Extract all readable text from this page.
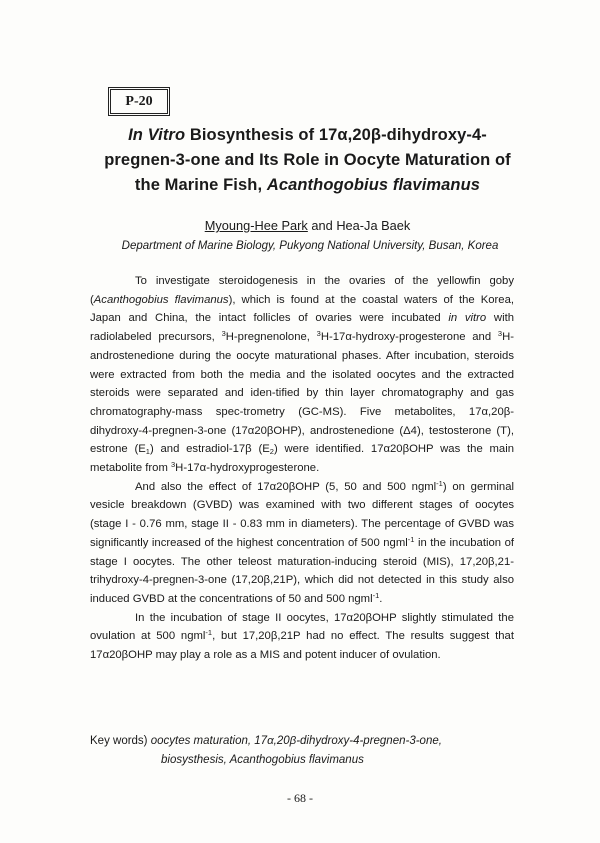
P-20
In Vitro Biosynthesis of 17α,20β-dihydroxy-4-
pregnen-3-one and Its Role in Oocyte Maturation of
the Marine Fish, Acanthogobius flavimanus
Myoung-Hee Park and Hea-Ja Baek
Department of Marine Biology, Pukyong National University, Busan, Korea

To investigate steroidogenesis in the ovaries of the yellowfin goby (Acanthogobius flavimanus), which is found at the coastal waters of the Korea, Japan and China, the intact follicles of ovaries were incubated in vitro with radiolabeled precursors, $^3$H-pregnenolone, $^3$H-17α-hydroxy-progesterone and $^3$H-androstenedione during the oocyte maturational phases. After incubation, steroids were extracted from both the media and the isolated oocytes and the extracted steroids were separated and iden-tified by thin layer chromatography and gas chromatography-mass spec-trometry (GC-MS). Five metabolites, 17α,20β-dihydroxy-4-pregnen-3-one (17α20βOHP), androstenedione (Δ4), testosterone (T), estrone $(E_1)$ and estradiol-17β $(E_2)$ were identified. 17α20βOHP was the main metabolite from $^3$H-17α-hydroxyprogesterone.

And also the effect of 17α20βOHP (5, 50 and 500 ngml$^{-1}$) on germinal vesicle breakdown (GVBD) was examined with two different stages of oocytes (stage I - 0.76 mm, stage II - 0.83 mm in diameters). The percentage of GVBD was significantly increased of the highest concentration of 500 ngml$^{-1}$ in the incubation of stage I oocytes. The other teleost maturation-inducing steroid (MIS), 17,20β,21-trihydroxy-4-pregnen-3-one (17,20β,21P), which did not detected in this study also induced GVBD at the concentrations of 50 and 500 ngml$^{-1}$.

In the incubation of stage II oocytes, 17α20βOHP slightly stimulated the ovulation at 500 ngml$^{-1}$, but 17,20β,21P had no effect. The results suggest that 17α20βOHP may play a role as a MIS and potent inducer of ovulation.

Key words) oocytes maturation, 17α,20β-dihydroxy-4-pregnen-3-one,
biosysthesis, Acanthogobius flavimanus
- 68 -
